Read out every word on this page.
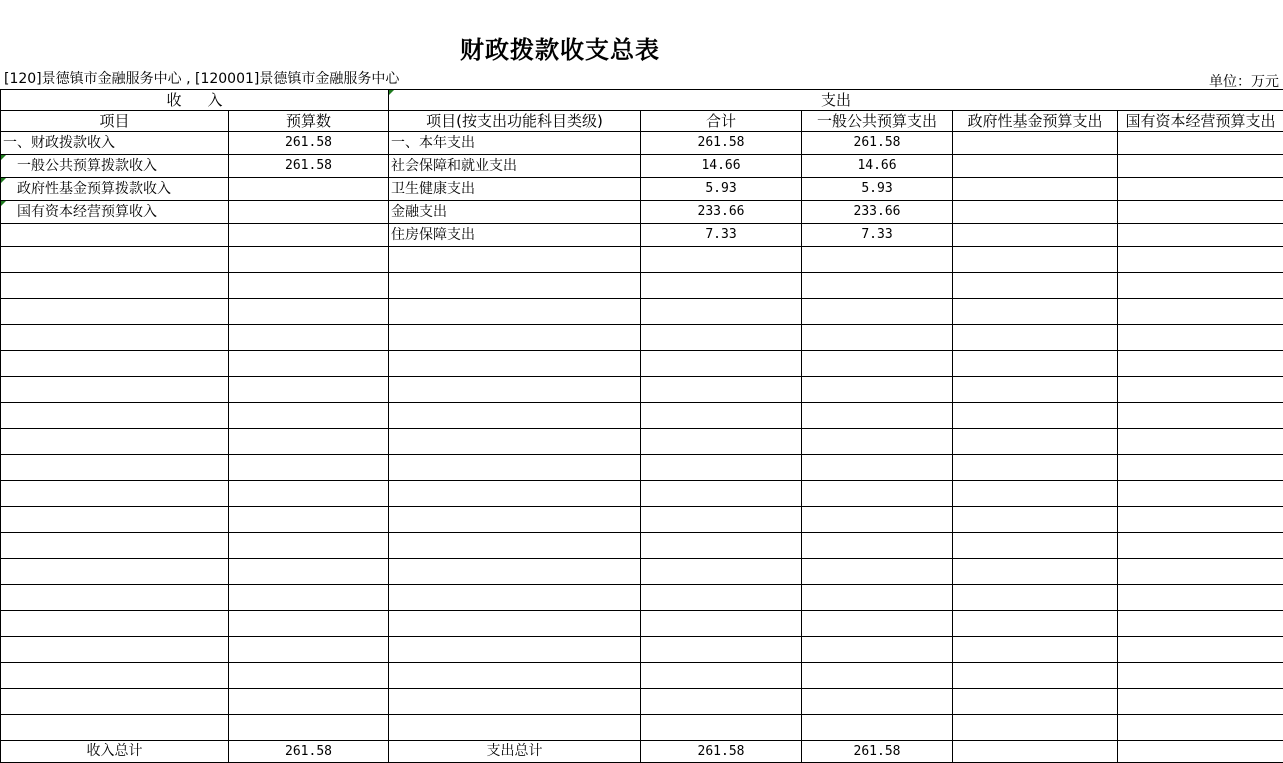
财政拨款收支总表
[120]景德镇市金融服务中心 , [120001]景德镇市金融服务中心	单位：万元
收入		支出				
项目	预算数	项目(按支出功能科目类级)	合计	一般公共预算支出	政府性基金预算支出	国有资本经营预算支出
一、财政拨款收入	261.58	一、本年支出	261.58	261.58		
一般公共预算拨款收入	261.58	社会保障和就业支出	14.66	14.66		
政府性基金预算拨款收入		卫生健康支出	5.93	5.93		
国有资本经营预算收入		金融支出	233.66	233.66		
		住房保障支出	7.33	7.33		

收入总计	261.58	支出总计	261.58	261.58		
